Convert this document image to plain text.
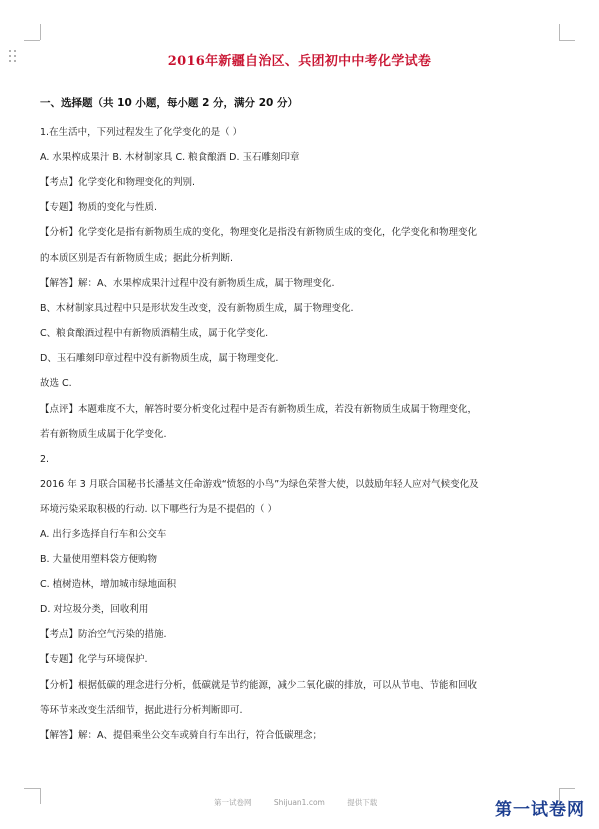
2016年新疆自治区、兵团初中中考化学试卷
一、选择题（共 10 小题，每小题 2 分，满分 20 分）
1.在生活中，下列过程发生了化学变化的是（ ）
A. 水果榨成果汁 B. 木材制家具 C. 粮食酿酒 D. 玉石雕刻印章
【考点】化学变化和物理变化的判别.
【专题】物质的变化与性质.
【分析】化学变化是指有新物质生成的变化，物理变化是指没有新物质生成的变化，化学变化和物理变化
的本质区别是否有新物质生成；据此分析判断.
【解答】解：A、水果榨成果汁过程中没有新物质生成，属于物理变化.
B、木材制家具过程中只是形状发生改变，没有新物质生成，属于物理变化.
C、粮食酿酒过程中有新物质酒精生成，属于化学变化.
D、玉石雕刻印章过程中没有新物质生成，属于物理变化.
故选 C.
【点评】本题难度不大，解答时要分析变化过程中是否有新物质生成，若没有新物质生成属于物理变化，
若有新物质生成属于化学变化.
2.
2016 年 3 月联合国秘书长潘基文任命游戏“愤怒的小鸟”为绿色荣誉大使，以鼓励年轻人应对气候变化及
环境污染采取积极的行动. 以下哪些行为是不提倡的（ ）
A. 出行多选择自行车和公交车
B. 大量使用塑料袋方便购物
C. 植树造林，增加城市绿地面积
D. 对垃圾分类，回收利用
【考点】防治空气污染的措施.
【专题】化学与环境保护.
【分析】根据低碳的理念进行分析，低碳就是节约能源，减少二氧化碳的排放，可以从节电、节能和回收
等环节来改变生活细节，据此进行分析判断即可.
【解答】解：A、提倡乘坐公交车或骑自行车出行，符合低碳理念；
第一试卷网	Shijuan1.com	提供下载	第一试卷网
